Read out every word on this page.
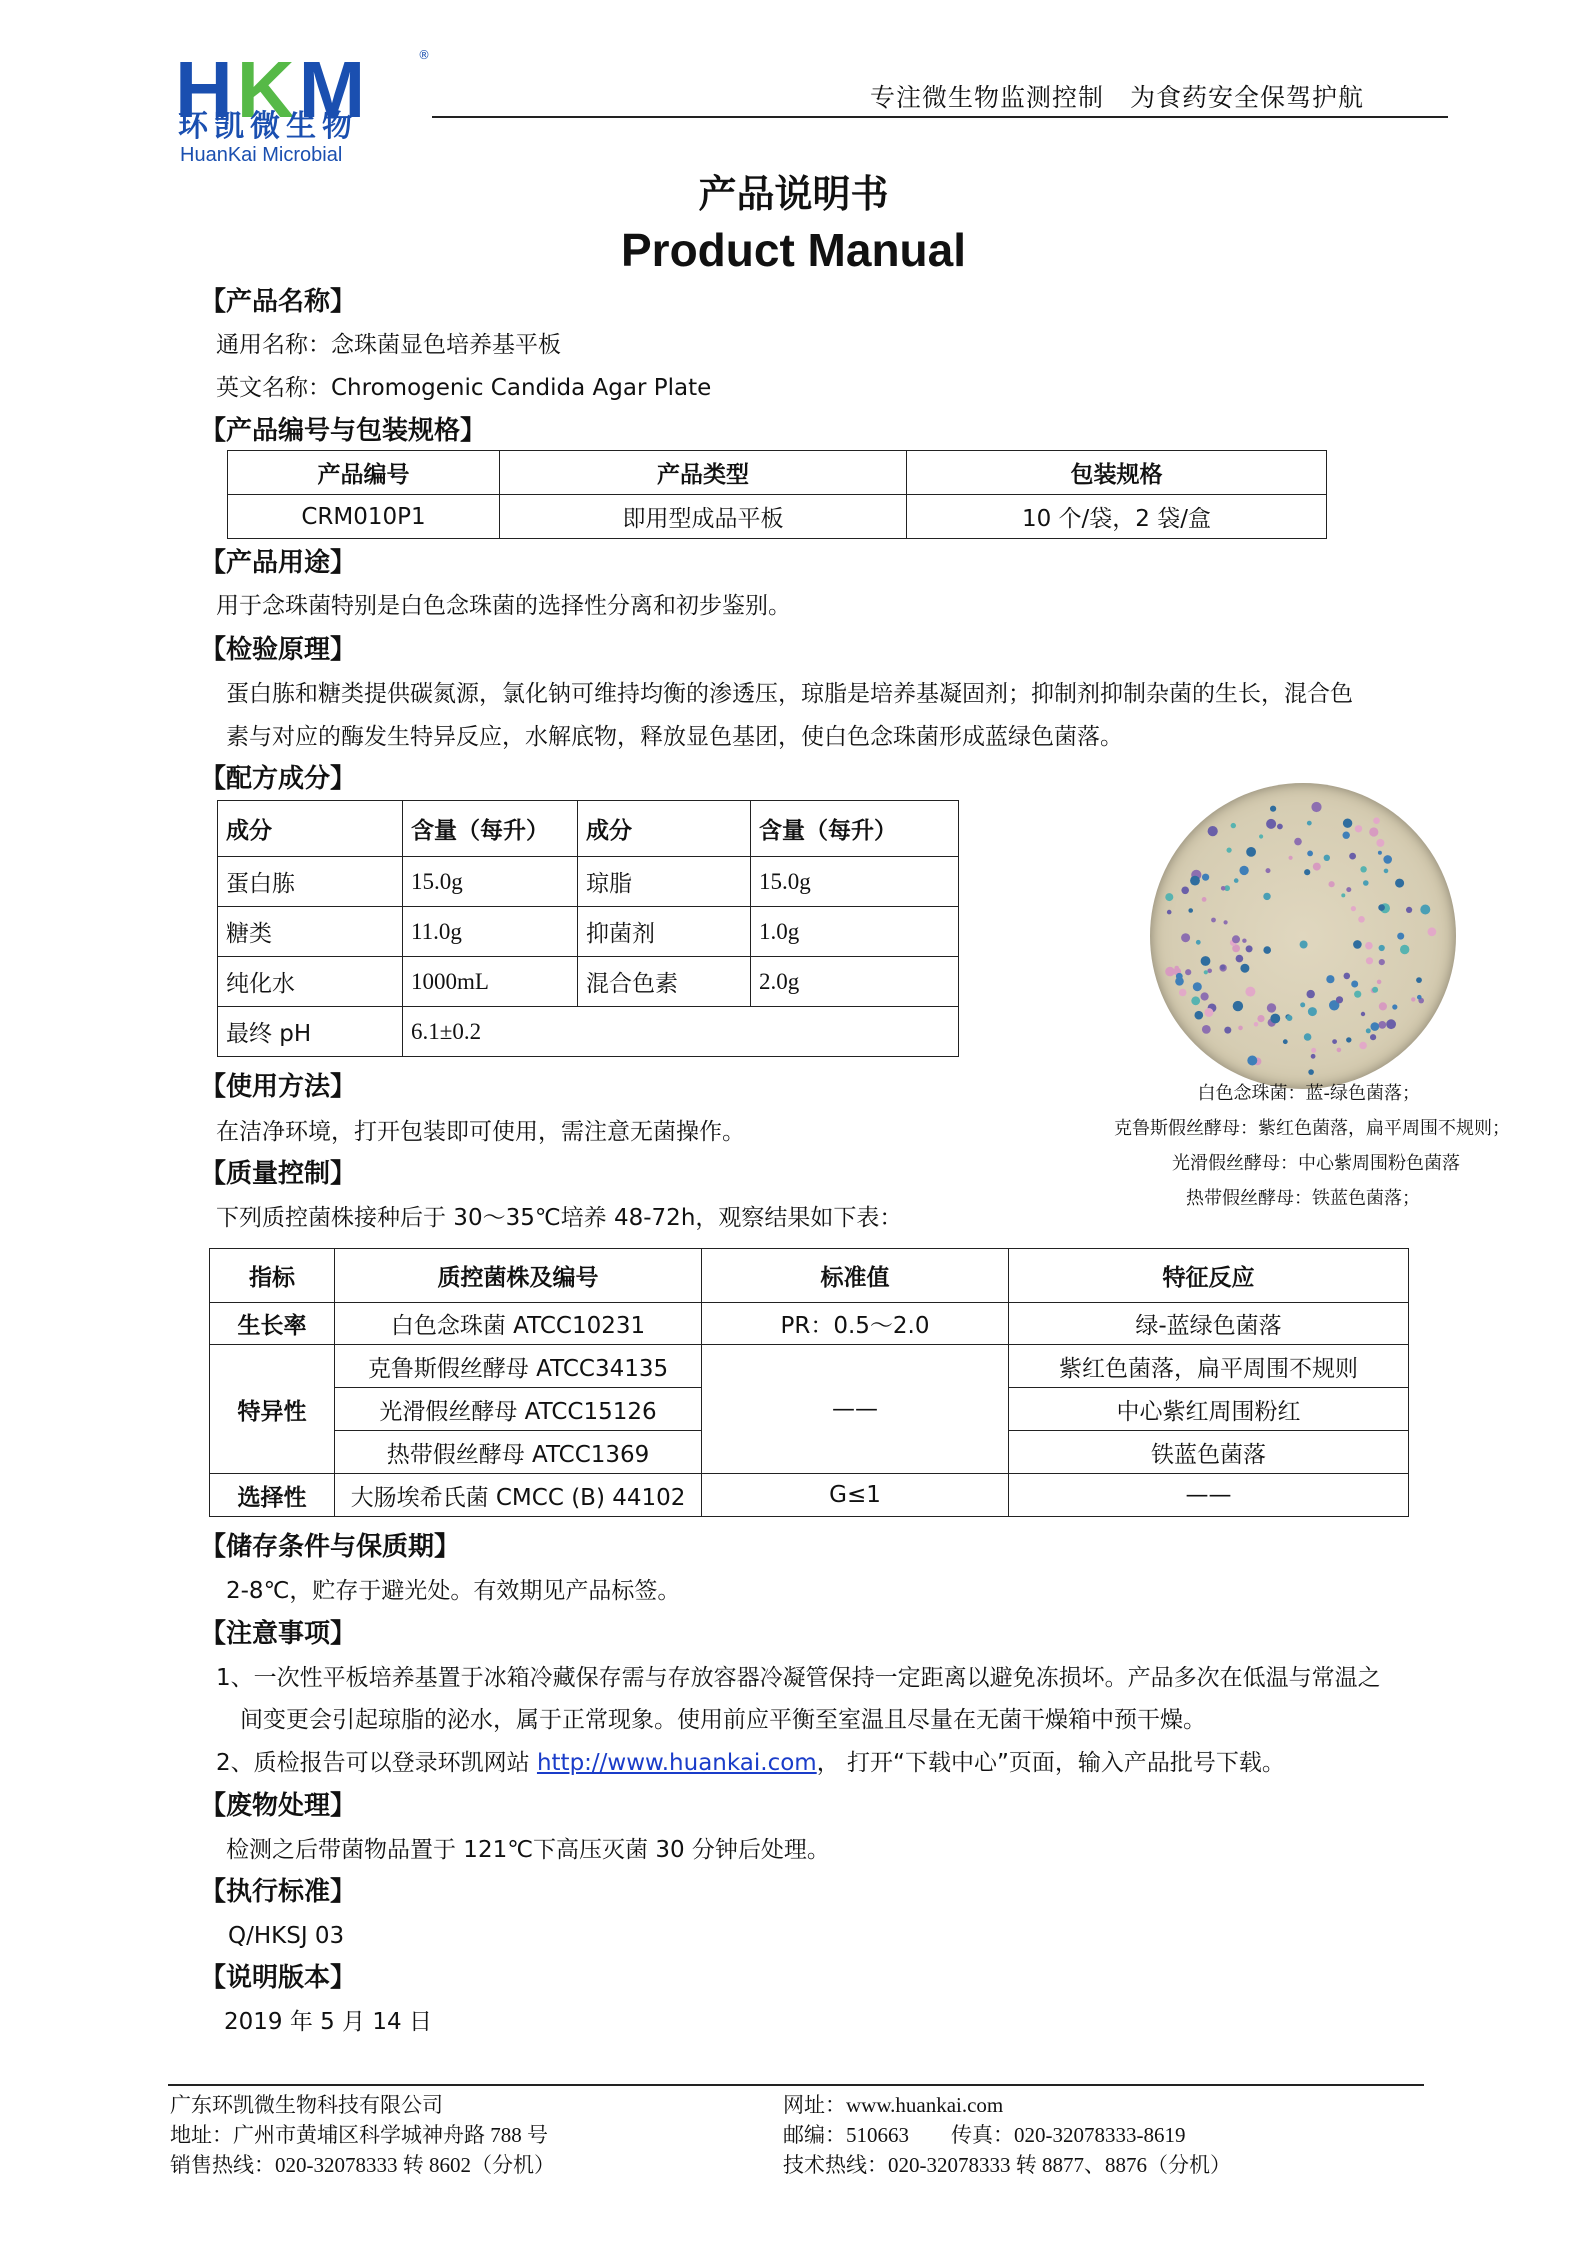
HKM	®
环凯微生物
HuanKai Microbial
专注微生物监测控制　为食药安全保驾护航
产品说明书
Product Manual
【产品名称】
通用名称：念珠菌显色培养基平板
英文名称：Chromogenic Candida Agar Plate
【产品编号与包装规格】
产品编号	产品类型	包装规格
CRM010P1	即用型成品平板	10 个/袋，2 袋/盒
【产品用途】
用于念珠菌特别是白色念珠菌的选择性分离和初步鉴别。
【检验原理】
蛋白胨和糖类提供碳氮源，氯化钠可维持均衡的渗透压，琼脂是培养基凝固剂；抑制剂抑制杂菌的生长，混合色
素与对应的酶发生特异反应，水解底物，释放显色基团，使白色念珠菌形成蓝绿色菌落。
【配方成分】
成分	含量（每升）	成分	含量（每升）
蛋白胨	15.0g	琼脂	15.0g
糖类	11.0g	抑菌剂	1.0g
纯化水	1000mL	混合色素	2.0g
最终 pH	6.1±0.2		
白色念珠菌：蓝-绿色菌落；
克鲁斯假丝酵母：紫红色菌落，扁平周围不规则；
光滑假丝酵母：中心紫周围粉色菌落
热带假丝酵母：铁蓝色菌落；
【使用方法】
在洁净环境，打开包装即可使用，需注意无菌操作。
【质量控制】
下列质控菌株接种后于 30～35℃培养 48-72h，观察结果如下表：
指标	质控菌株及编号	标准值	特征反应
生长率	白色念珠菌 ATCC10231	PR：0.5～2.0	绿-蓝绿色菌落
特异性	克鲁斯假丝酵母 ATCC34135	——	紫红色菌落，扁平周围不规则
	光滑假丝酵母 ATCC15126		中心紫红周围粉红
	热带假丝酵母 ATCC1369		铁蓝色菌落
选择性	大肠埃希氏菌 CMCC (B) 44102	G≤1	——
【储存条件与保质期】
2-8℃，贮存于避光处。有效期见产品标签。
【注意事项】
1、一次性平板培养基置于冰箱冷藏保存需与存放容器冷凝管保持一定距离以避免冻损坏。产品多次在低温与常温之
间变更会引起琼脂的泌水，属于正常现象。使用前应平衡至室温且尽量在无菌干燥箱中预干燥。
2、质检报告可以登录环凯网站 http://www.huankai.com， 打开“下载中心”页面，输入产品批号下载。
【废物处理】
检测之后带菌物品置于 121℃下高压灭菌 30 分钟后处理。
【执行标准】
Q/HKSJ 03
【说明版本】
2019 年 5 月 14 日
广东环凯微生物科技有限公司
地址：广州市黄埔区科学城神舟路 788 号
销售热线：020-32078333 转 8602（分机）
网址：www.huankai.com
邮编：510663　　传真：020-32078333-8619
技术热线：020-32078333 转 8877、8876（分机）
